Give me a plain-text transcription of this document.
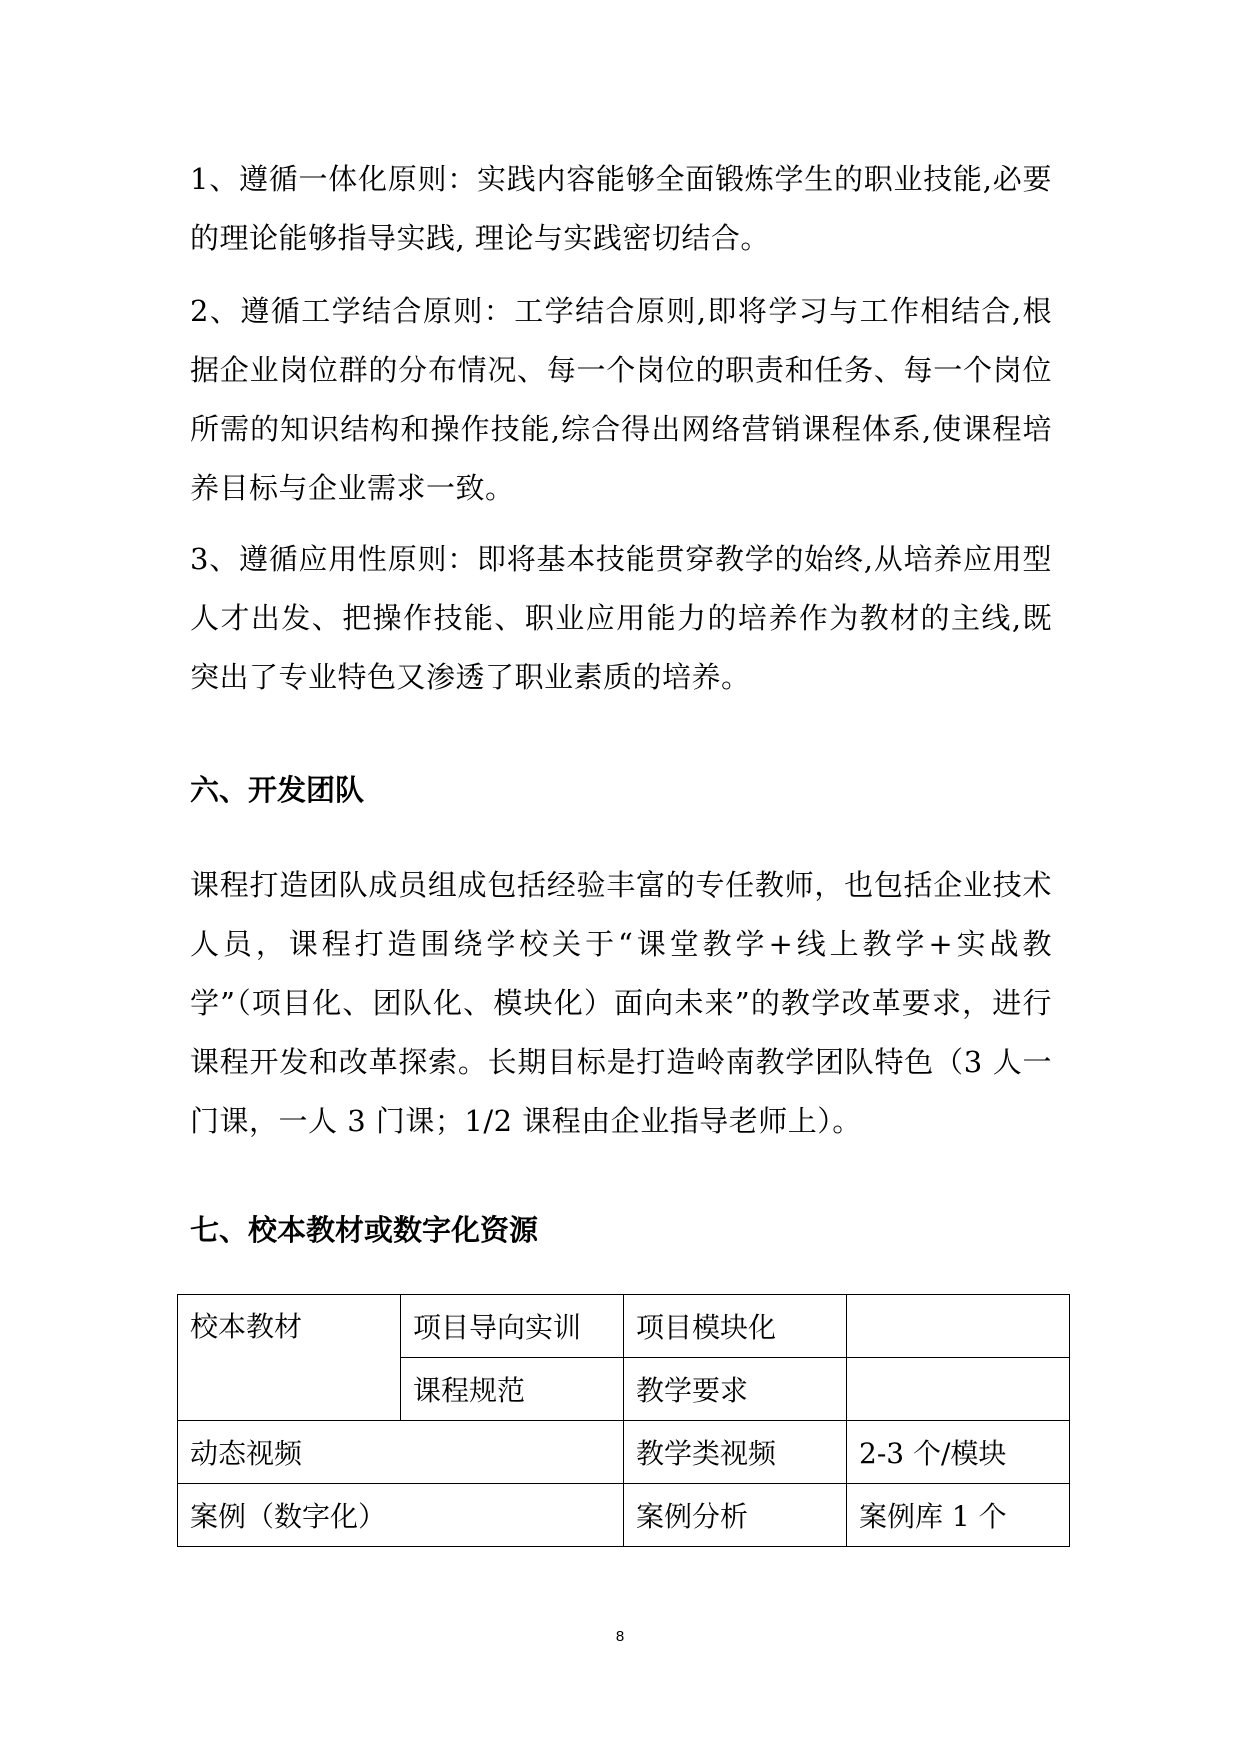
1、遵循一体化原则：实践内容能够全面锻炼学生的职业技能,必要的理论能够指导实践, 理论与实践密切结合。

2、遵循工学结合原则：工学结合原则,即将学习与工作相结合,根据企业岗位群的分布情况、每一个岗位的职责和任务、每一个岗位所需的知识结构和操作技能,综合得出网络营销课程体系,使课程培养目标与企业需求一致。

3、遵循应用性原则：即将基本技能贯穿教学的始终,从培养应用型人才出发、把操作技能、职业应用能力的培养作为教材的主线,既突出了专业特色又渗透了职业素质的培养。

六、开发团队

课程打造团队成员组成包括经验丰富的专任教师，也包括企业技术人员，课程打造围绕学校关于“课堂教学+线上教学+实战教学”（项目化、团队化、模块化）面向未来”的教学改革要求，进行课程开发和改革探索。长期目标是打造岭南教学团队特色（3 人一门课，一人 3 门课；1/2 课程由企业指导老师上）。

七、校本教材或数字化资源
校本教材	项目导向实训	项目模块化	
	课程规范	教学要求	
动态视频		教学类视频	2-3 个/模块
案例（数字化）		案例分析	案例库 1 个
8
